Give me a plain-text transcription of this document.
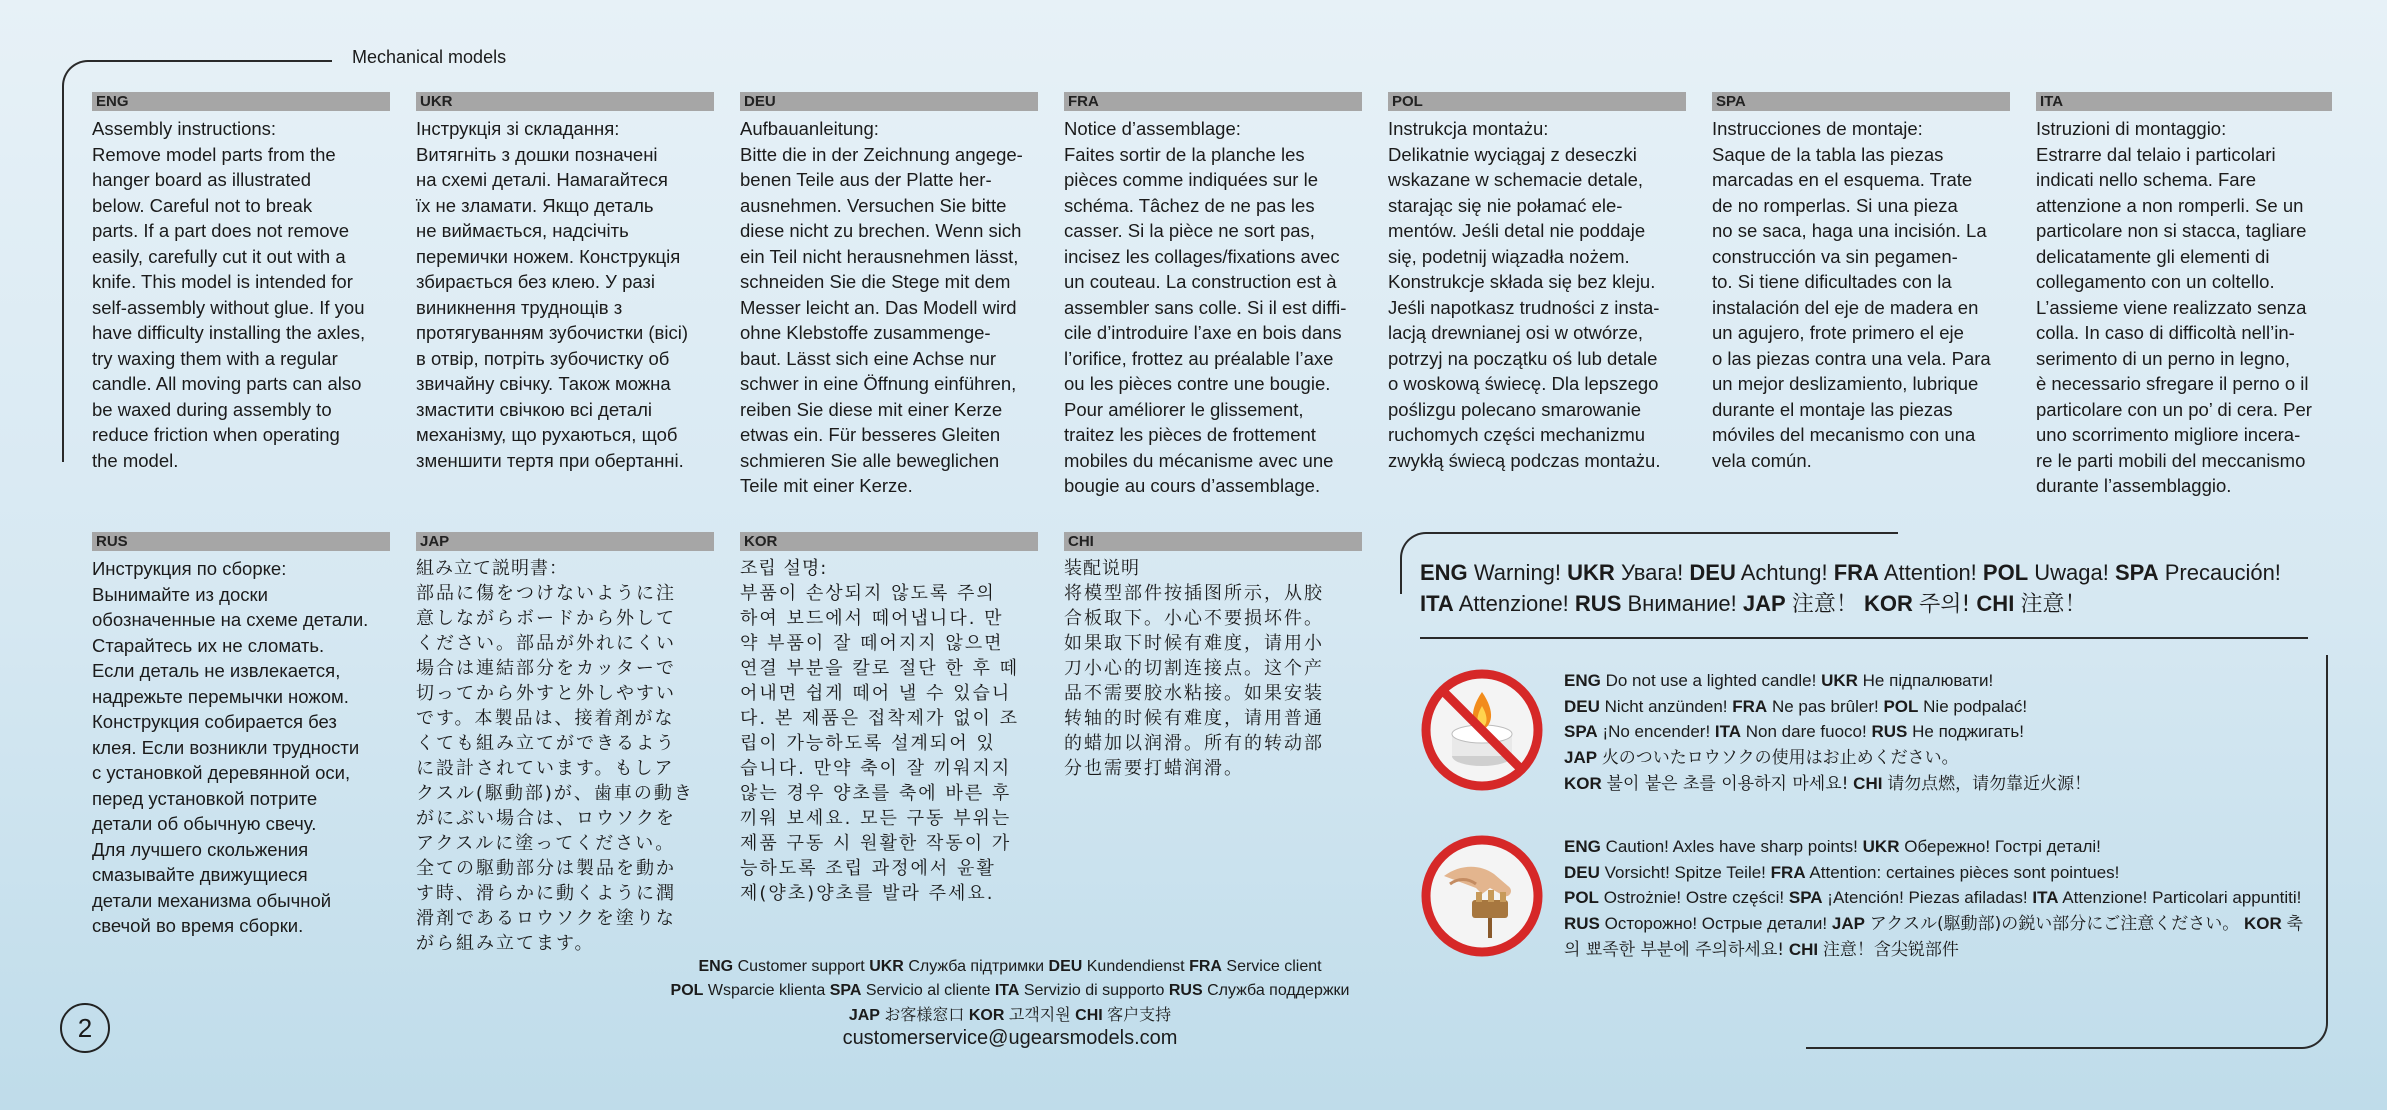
Mechanical models
ENG
Assembly instructions:
Remove model parts from the
hanger board as illustrated
below. Careful not to break
parts. If a part does not remove
easily, carefully cut it out with a
knife. This model is intended for
self-assembly without glue. If you
have difficulty installing the axles,
try waxing them with a regular
candle. All moving parts can also
be waxed during assembly to
reduce friction when operating
the model.
UKR
Інструкція зі складання:
Витягніть з дошки позначені
на схемі деталі. Намагайтеся
їх не зламати. Якщо деталь
не виймається, надсічіть
перемички ножем. Конструкція
збирається без клею. У разі
виникнення труднощів з
протягуванням зубочистки (вісі)
в отвір, потріть зубочистку об
звичайну свічку. Також можна
змастити свічкою всі деталі
механізму, що рухаються, щоб
зменшити тертя при обертанні.
DEU
Aufbauanleitung:
Bitte die in der Zeichnung angege-
benen Teile aus der Platte her-
ausnehmen. Versuchen Sie bitte
diese nicht zu brechen. Wenn sich
ein Teil nicht herausnehmen lässt,
schneiden Sie die Stege mit dem
Messer leicht an. Das Modell wird
ohne Klebstoffe zusammenge-
baut. Lässt sich eine Achse nur
schwer in eine Öffnung einführen,
reiben Sie diese mit einer Kerze
etwas ein. Für besseres Gleiten
schmieren Sie alle beweglichen
Teile mit einer Kerze.
FRA
Notice d’assemblage:
Faites sortir de la planche les
pièces comme indiquées sur le
schéma. Tâchez de ne pas les
casser. Si la pièce ne sort pas,
incisez les collages/fixations avec
un couteau. La construction est à
assembler sans colle. Si il est diffi-
cile d’introduire l’axe en bois dans
l’orifice, frottez au préalable l’axe
ou les pièces contre une bougie.
Pour améliorer le glissement,
traitez les pièces de frottement
mobiles du mécanisme avec une
bougie au cours d’assemblage.
POL
Instrukcja montażu:
Delikatnie wyciągaj z deseczki
wskazane w schemacie detale,
starając się nie połamać ele-
mentów. Jeśli detal nie poddaje
się, podetnij wiązadła nożem.
Konstrukcje składa się bez kleju.
Jeśli napotkasz trudności z insta-
lacją drewnianej osi w otwórze,
potrzyj na początku oś lub detale
o woskową świecę. Dla lepszego
poślizgu polecano smarowanie
ruchomych części mechanizmu
zwykłą świecą podczas montażu.
SPA
Instrucciones de montaje:
Saque de la tabla las piezas
marcadas en el esquema. Trate
de no romperlas. Si una pieza
no se saca, haga una incisión. La
construcción va sin pegamen-
to. Si tiene dificultades con la
instalación del eje de madera en
un agujero, frote primero el eje
o las piezas contra una vela. Para
un mejor deslizamiento, lubrique
durante el montaje las piezas
móviles del mecanismo con una
vela común.
ITA
Istruzioni di montaggio:
Estrarre dal telaio i particolari
indicati nello schema. Fare
attenzione a non romperli. Se un
particolare non si stacca, tagliare
delicatamente gli elementi di
collegamento con un coltello.
L’assieme viene realizzato senza
colla. In caso di difficoltà nell’in-
serimento di un perno in legno,
è necessario sfregare il perno o il
particolare con un po’ di cera. Per
uno scorrimento migliore incera-
re le parti mobili del meccanismo
durante l’assemblaggio.
RUS
Инструкция по сборке:
Вынимайте из доски
обозначенные на схеме детали.
Старайтесь их не сломать.
Если деталь не извлекается,
надрежьте перемычки ножом.
Конструкция собирается без
клея. Если возникли трудности
с установкой деревянной оси,
перед установкой потрите
детали об обычную свечу.
Для лучшего скольжения
смазывайте движущиеся
детали механизма обычной
свечой во время сборки.
JAP
組み立て説明書：
部品に傷をつけないように注
意しながらボードから外して
ください。部品が外れにくい
場合は連結部分をカッターで
切ってから外すと外しやすい
です。本製品は、接着剤がな
くても組み立てができるよう
に設計されています。もしア
クスル(駆動部)が、歯車の動き
がにぶい場合は、ロウソクを
アクスルに塗ってください。
全ての駆動部分は製品を動か
す時、滑らかに動くように潤
滑剤であるロウソクを塗りな
がら組み立てます。
KOR
조립 설명:
부품이 손상되지 않도록 주의
하여 보드에서 떼어냅니다. 만
약 부품이 잘 떼어지지 않으면
연결 부분을 칼로 절단 한 후 떼
어내면 쉽게 떼어 낼 수 있습니
다. 본 제품은 접착제가 없이 조
립이 가능하도록 설계되어 있
습니다. 만약 축이 잘 끼워지지
않는 경우 양초를 축에 바른 후
끼워 보세요. 모든 구동 부위는
제품 구동 시 원활한 작동이 가
능하도록 조립 과정에서 윤활
제(양초)양초를 발라 주세요.
CHI
装配说明
将模型部件按插图所示，从胶
合板取下。小心不要损坏件。
如果取下时候有难度，请用小
刀小心的切割连接点。这个产
品不需要胶水粘接。如果安装
转轴的时候有难度，请用普通
的蜡加以润滑。所有的转动部
分也需要打蜡润滑。
ENG Customer support UKR Служба підтримки DEU Kundendienst FRA Service client
POL Wsparcie klienta SPA Servicio al cliente ITA Servizio di supporto RUS Служба поддержки
JAP お客様窓口 KOR 고객지원 CHI 客户支持
customerservice@ugearsmodels.com
2
ENG Warning! UKR Увага! DEU Achtung! FRA Attention! POL Uwaga! SPA Precaución!
ITA Attenzione! RUS Внимание! JAP 注意！ KOR 주의! CHI 注意！
ENG Do not use a lighted candle! UKR Не підпалювати!
DEU Nicht anzünden! FRA Ne pas brûler! POL Nie podpalać!
SPA ¡No encender! ITA Non dare fuoco! RUS Не поджигать!
JAP 火のついたロウソクの使用はお止めください。
KOR 불이 붙은 초를 이용하지 마세요! CHI 请勿点燃，请勿靠近火源！
ENG Caution! Axles have sharp points! UKR Обережно! Гострі деталі!
DEU Vorsicht! Spitze Teile! FRA Attention: certaines pièces sont pointues!
POL Ostrożnie! Ostre części! SPA ¡Atención! Piezas afiladas! ITA Attenzione! Particolari appuntiti! RUS Осторожно! Острые детали! JAP アクスル(駆動部)の鋭い部分にご注意ください。 KOR 축의 뾰족한 부분에 주의하세요! CHI 注意！含尖锐部件
